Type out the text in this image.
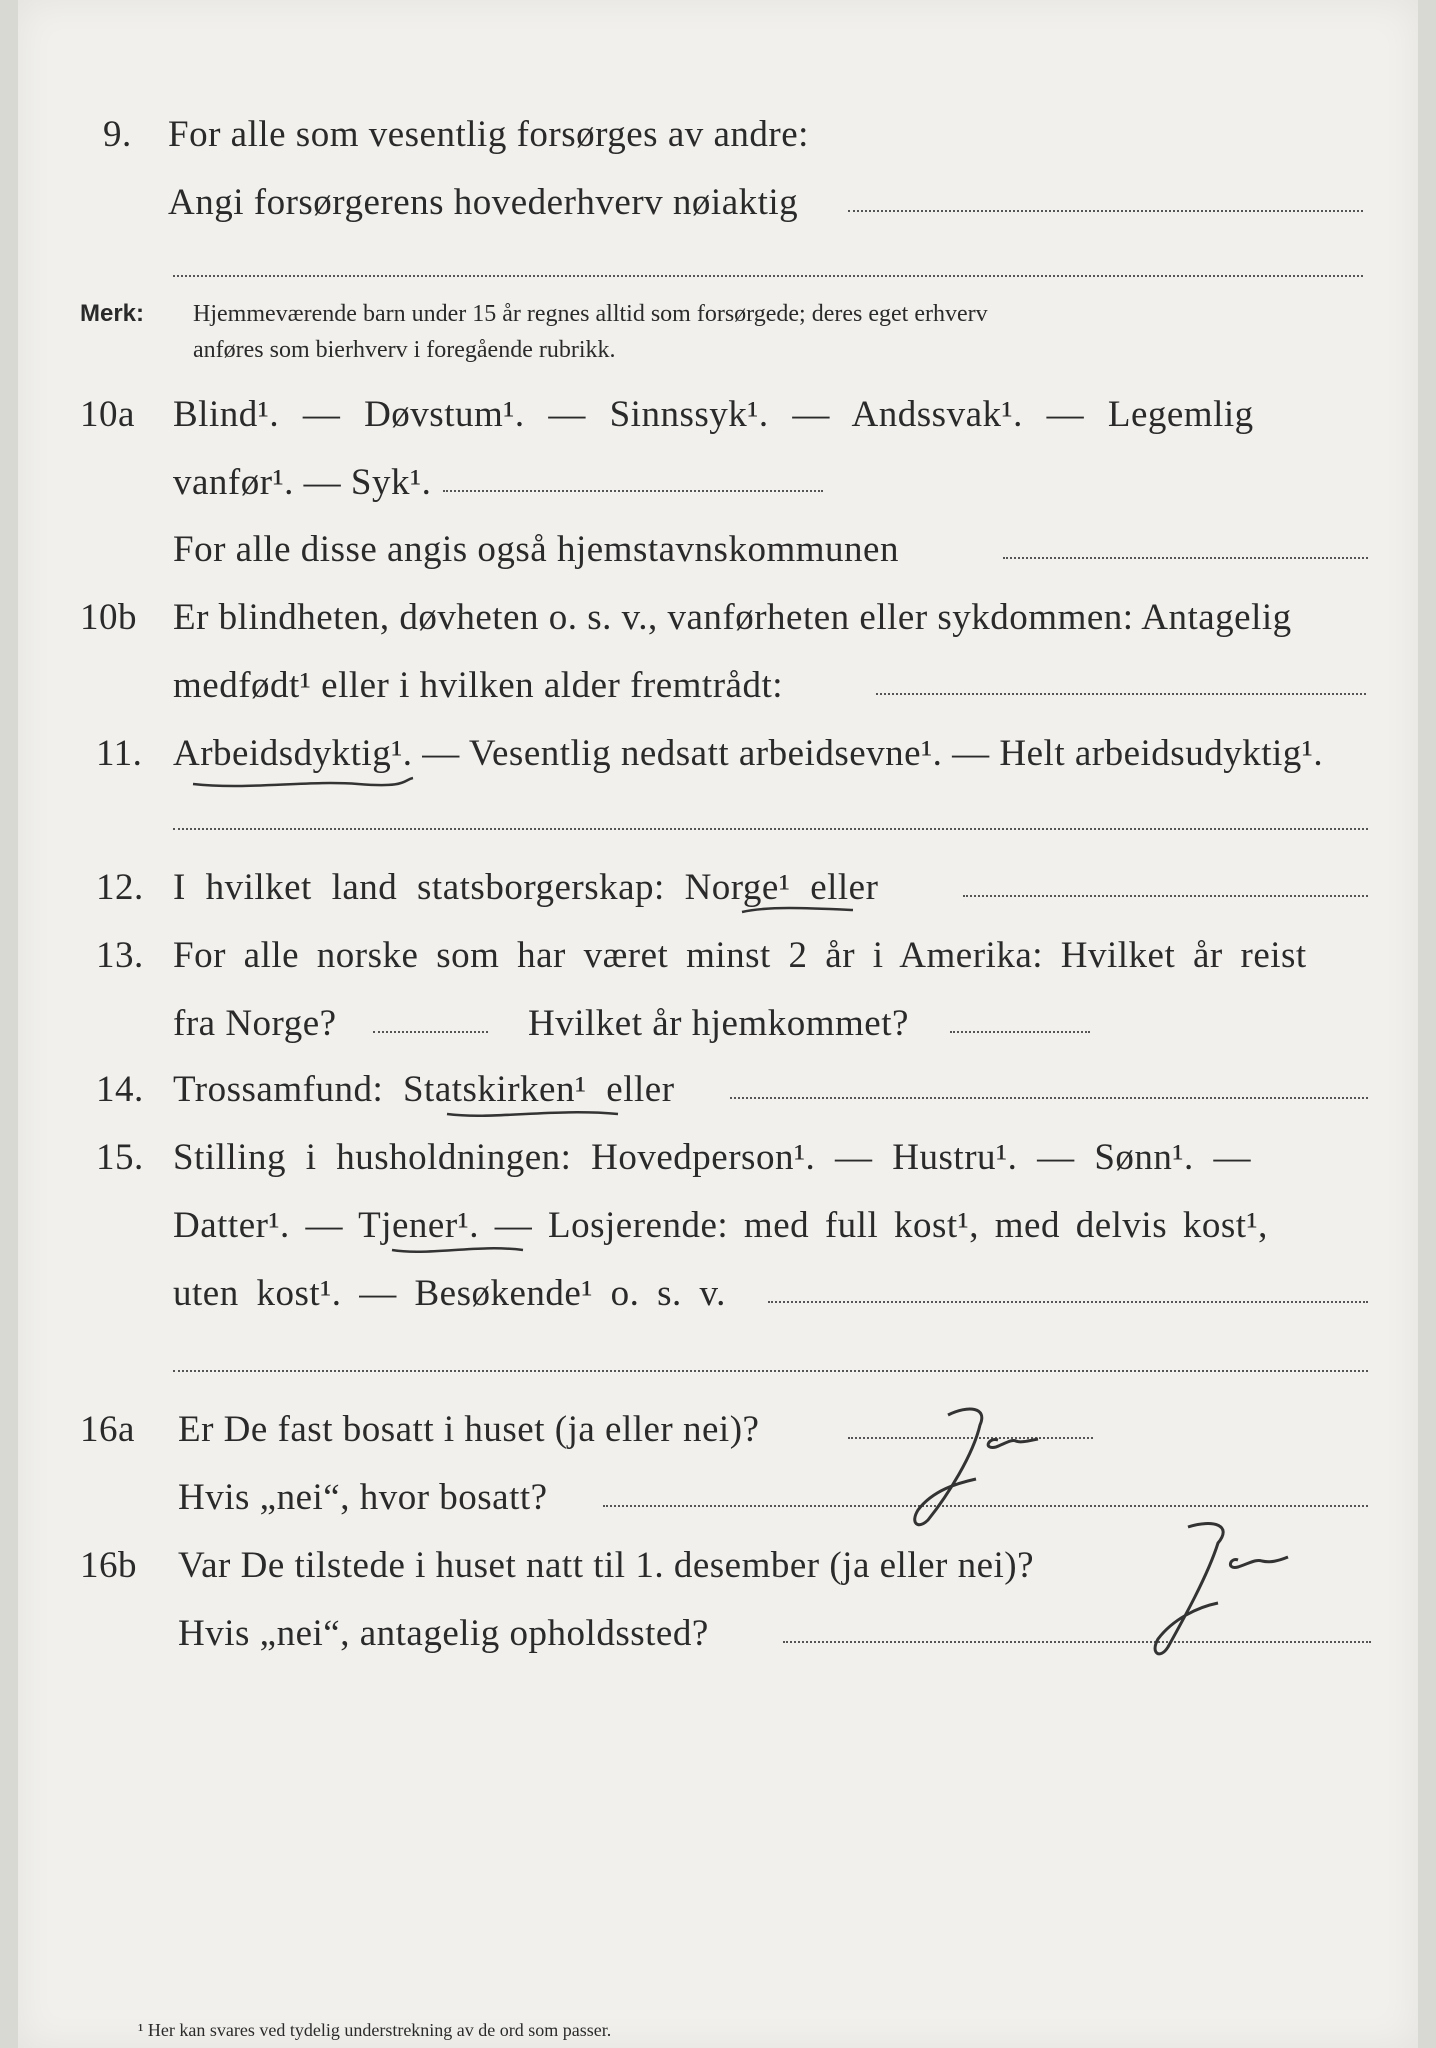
9. For alle som vesentlig forsørges av andre:
Angi forsørgerens hovederhverv nøiaktig
Merk: Hjemmeværende barn under 15 år regnes alltid som forsørgede; deres eget erhverv
anføres som bierhverv i foregående rubrikk.
10a Blind¹. — Døvstum¹. — Sinnssyk¹. — Andssvak¹. — Legemlig
vanfør¹. — Syk¹.
For alle disse angis også hjemstavnskommunen
10b Er blindheten, døvheten o. s. v., vanførheten eller sykdommen: Antagelig
medfødt¹ eller i hvilken alder fremtrådt:
11. Arbeidsdyktig¹. — Vesentlig nedsatt arbeidsevne¹. — Helt arbeidsudyktig¹.
12. I hvilket land statsborgerskap: Norge¹ eller
13. For alle norske som har været minst 2 år i Amerika: Hvilket år reist
fra Norge?	Hvilket år hjemkommet?
14. Trossamfund: Statskirken¹ eller
15. Stilling i husholdningen: Hovedperson¹. — Hustru¹. — Sønn¹. —
Datter¹. — Tjener¹. — Losjerende: med full kost¹, med delvis kost¹,
uten kost¹. — Besøkende¹ o. s. v.
16a Er De fast bosatt i huset (ja eller nei)?
Hvis „nei“, hvor bosatt?
Ja
16b Var De tilstede i huset natt til 1. desember (ja eller nei)?
Hvis „nei“, antagelig opholdssted?
Ja
¹ Her kan svares ved tydelig understrekning av de ord som passer.
